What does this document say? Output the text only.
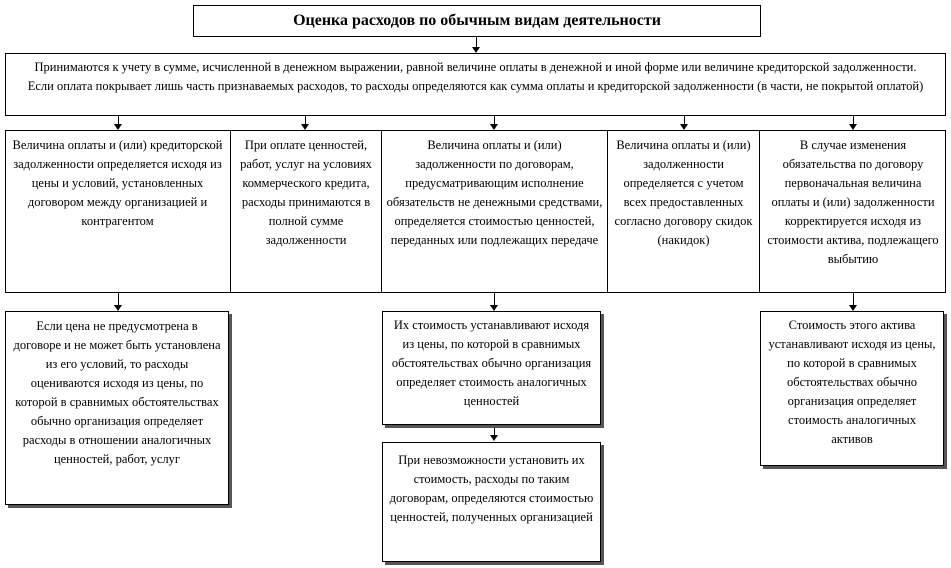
Оценка расходов по обычным видам деятельности
Принимаются к учету в сумме, исчисленной в денежном выражении, равной величине оплаты в денежной и иной форме или величине кредиторской задолженности. Если оплата покрывает лишь часть признаваемых расходов, то расходы определяются как сумма оплаты и кредиторской задолженности (в части, не покрытой оплатой)
Величина оплаты и (или) кредиторской задолженности определяется исходя из цены и условий, установленных договором между организацией и контрагентом
При оплате ценностей, работ, услуг на условиях коммерческого кредита, расходы принимаются в полной сумме задолженности
Величина оплаты и (или) задолженности по договорам, предусматривающим исполнение обязательств не денежными средствами, определяется стоимостью ценностей, переданных или подлежащих передаче
Величина оплаты и (или) задолженности определяется с учетом всех предоставленных согласно договору скидок (накидок)
В случае изменения обязательства по договору первоначальная величина оплаты и (или) задолженности корректируется исходя из стоимости актива, подлежащего выбытию
Если цена не предусмотрена в договоре и не может быть установлена из его условий, то расходы оцениваются исходя из цены, по которой в сравнимых обстоятельствах обычно организация определяет расходы в отношении аналогичных ценностей, работ, услуг
Их стоимость устанавливают исходя из цены, по которой в сравнимых обстоятельствах обычно организация определяет стоимость аналогичных ценностей
При невозможности установить их стоимость, расходы по таким договорам, определяются стоимостью ценностей, полученных организацией
Стоимость этого актива устанавливают исходя из цены, по которой в сравнимых обстоятельствах обычно организация определяет стоимость аналогичных активов
